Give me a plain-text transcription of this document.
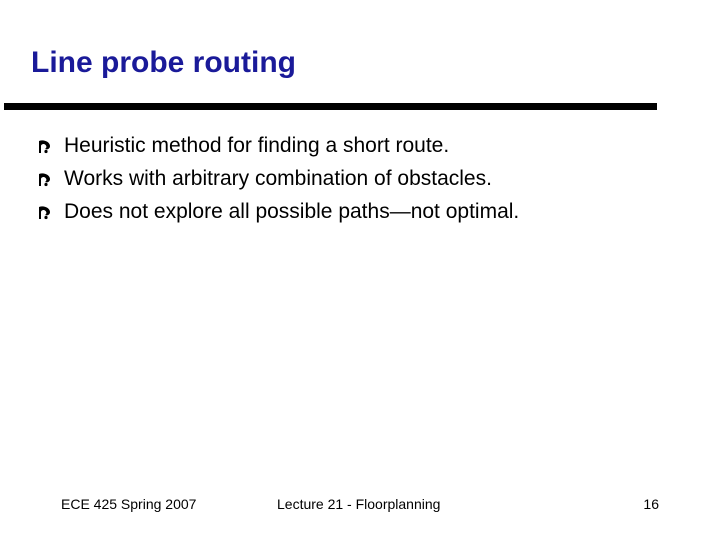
Line probe routing
Heuristic method for finding a short route.
Works with arbitrary combination of obstacles.
Does not explore all possible paths—not optimal.
ECE 425 Spring 2007	Lecture 21 - Floorplanning	16
